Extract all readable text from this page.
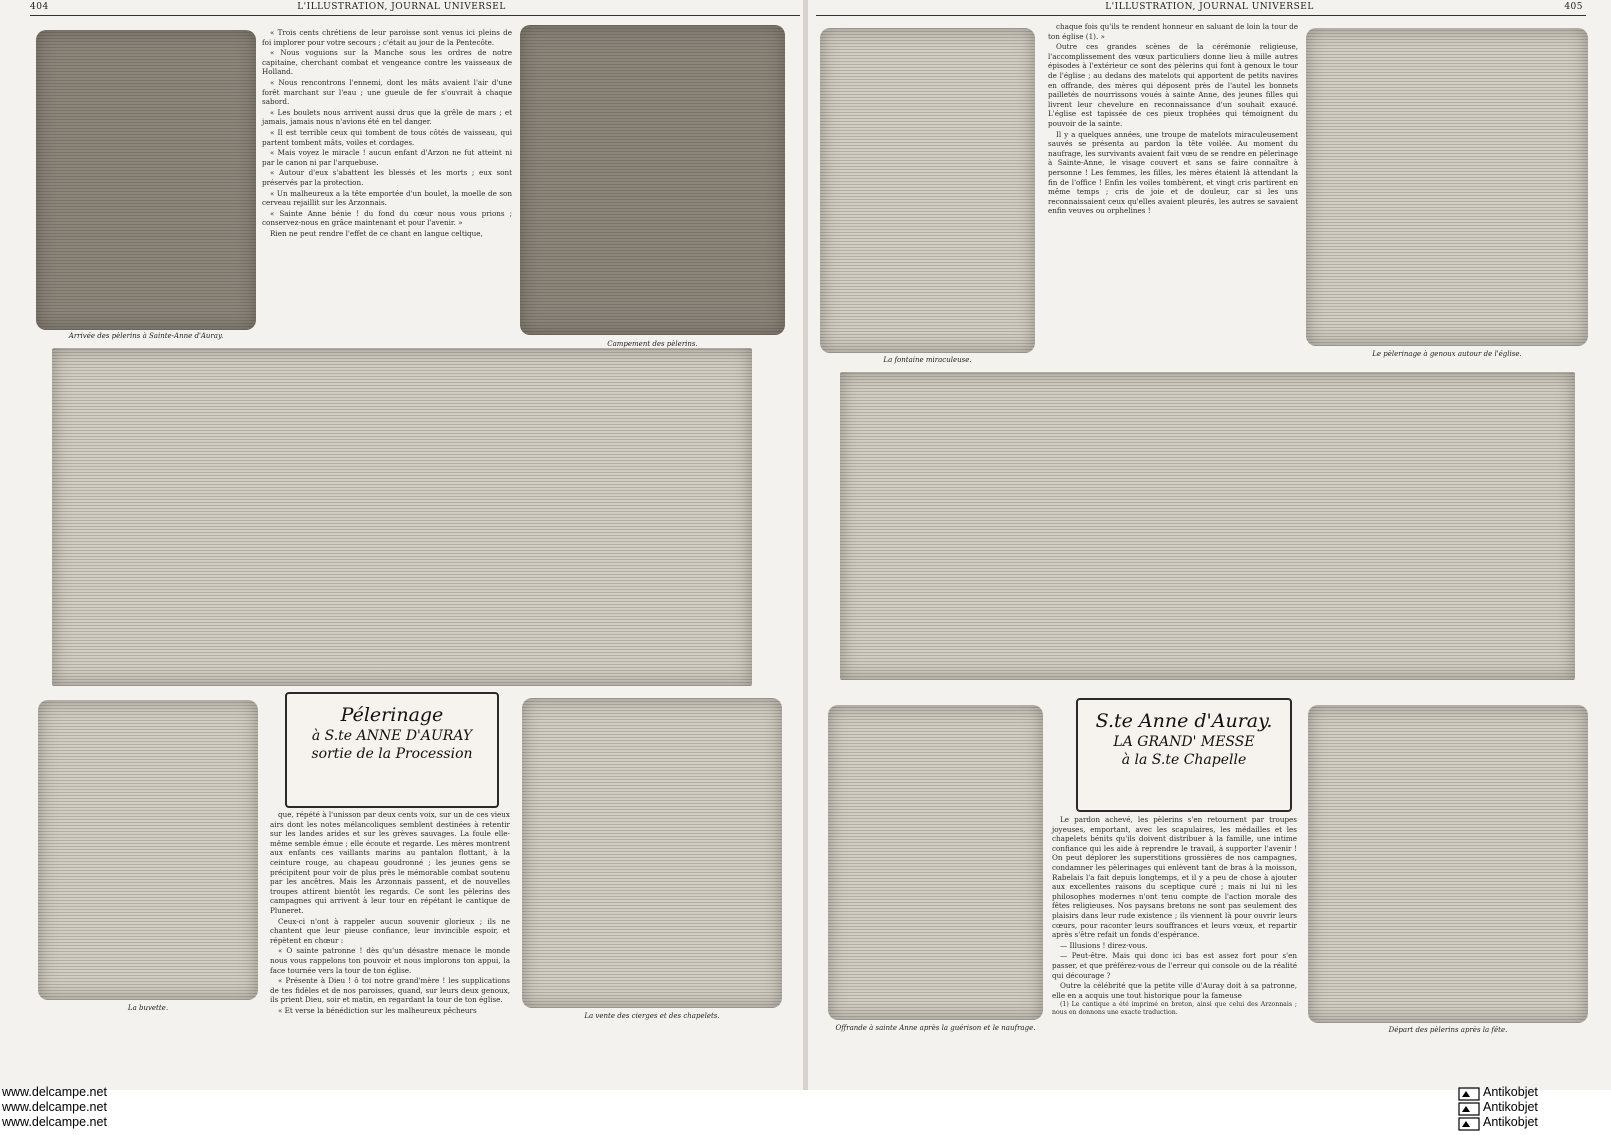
404	L'ILLUSTRATION, JOURNAL UNIVERSEL
Arrivée des pèlerins à Sainte-Anne d'Auray.

« Trois cents chrétiens de leur paroisse sont venus ici pleins de foi implorer pour votre secours ; c'était au jour de la Pentecôte.

« Nous voguions sur la Manche sous les ordres de notre capitaine, cherchant combat et vengeance contre les vaisseaux de Holland.

« Nous rencontrons l'ennemi, dont les mâts avaient l'air d'une forêt marchant sur l'eau ; une gueule de fer s'ouvrait à chaque sabord.

« Les boulets nous arrivent aussi drus que la grêle de mars ; et jamais, jamais nous n'avions été en tel danger.

« Il est terrible ceux qui tombent de tous côtés de vaisseau, qui partent tombent mâts, voiles et cordages.

« Mais voyez le miracle ! aucun enfant d'Arzon ne fut atteint ni par le canon ni par l'arquebuse.

« Autour d'eux s'abattent les blessés et les morts ; eux sont préservés par la protection.

« Un malheureux a la tête emportée d'un boulet, la moelle de son cerveau rejaillit sur les Arzonnais.

« Sainte Anne bénie ! du fond du cœur nous vous prions ; conservez-nous en grâce maintenant et pour l'avenir. »

Rien ne peut rendre l'effet de ce chant en langue celtique,

Campement des pèlerins.
La buvette.
Pélerinage
à S.te ANNE D'AURAY
sortie de la Procession

que, répété à l'unisson par deux cents voix, sur un de ces vieux airs dont les notes mélancoliques semblent destinées à retentir sur les landes arides et sur les grèves sauvages. La foule elle-même semble émue ; elle écoute et regarde. Les mères montrent aux enfants ces vaillants marins au pantalon flottant, à la ceinture rouge, au chapeau goudronné ; les jeunes gens se précipitent pour voir de plus près le mémorable combat soutenu par les ancêtres. Mais les Arzonnais passent, et de nouvelles troupes attirent bientôt les regards. Ce sont les pèlerins des campagnes qui arrivent à leur tour en répétant le cantique de Pluneret.

Ceux-ci n'ont à rappeler aucun souvenir glorieux ; ils ne chantent que leur pieuse confiance, leur invincible espoir, et répètent en chœur :

« O sainte patronne ! dès qu'un désastre menace le monde nous vous rappelons ton pouvoir et nous implorons ton appui, la face tournée vers la tour de ton église.

« Présente à Dieu ! ô toi notre grand'mère ! les supplications de tes fidèles et de nos paroisses, quand, sur leurs deux genoux, ils prient Dieu, soir et matin, en regardant la tour de ton église.

« Et verse la bénédiction sur les malheureux pêcheurs

La vente des cierges et des chapelets.
L'ILLUSTRATION, JOURNAL UNIVERSEL	405
La fontaine miraculeuse.

chaque fois qu'ils te rendent honneur en saluant de loin la tour de ton église (1). »

Outre ces grandes scènes de la cérémonie religieuse, l'accomplissement des vœux particuliers donne lieu à mille autres épisodes à l'extérieur ce sont des pèlerins qui font à genoux le tour de l'église ; au dedans des matelots qui apportent de petits navires en offrande, des mères qui déposent près de l'autel les bonnets pailletés de nourrissons voués à sainte Anne, des jeunes filles qui livrent leur chevelure en reconnaissance d'un souhait exaucé. L'église est tapissée de ces pieux trophées qui témoignent du pouvoir de la sainte.

Il y a quelques années, une troupe de matelots miraculeusement sauvés se présenta au pardon la tête voilée. Au moment du naufrage, les survivants avaient fait vœu de se rendre en pèlerinage à Sainte-Anne, le visage couvert et sans se faire connaître à personne ! Les femmes, les filles, les mères étaient là attendant la fin de l'office ! Enfin les voiles tombèrent, et vingt cris partirent en même temps ; cris de joie et de douleur, car si les uns reconnaissaient ceux qu'elles avaient pleurés, les autres se savaient enfin veuves ou orphelines !

Le pèlerinage à genoux autour de l'église.
Offrande à sainte Anne après la guérison et le naufrage.
S.te Anne d'Auray.
LA GRAND' MESSE
à la S.te Chapelle

Le pardon achevé, les pèlerins s'en retournent par troupes joyeuses, emportant, avec les scapulaires, les médailles et les chapelets bénits qu'ils doivent distribuer à la famille, une intime confiance qui les aide à reprendre le travail, à supporter l'avenir ! On peut déplorer les superstitions grossières de nos campagnes, condamner les pèlerinages qui enlèvent tant de bras à la moisson, Rabelais l'a fait depuis longtemps, et il y a peu de chose à ajouter aux excellentes raisons du sceptique curé ; mais ni lui ni les philosophes modernes n'ont tenu compte de l'action morale des fêtes religieuses. Nos paysans bretons ne sont pas seulement des plaisirs dans leur rude existence ; ils viennent là pour ouvrir leurs cœurs, pour raconter leurs souffrances et leurs vœux, et repartir après s'être refait un fonds d'espérance.

— Illusions ! direz-vous.

— Peut-être. Mais qui donc ici bas est assez fort pour s'en passer, et que préférez-vous de l'erreur qui console ou de la réalité qui décourage ?

Outre la célébrité que la petite ville d'Auray doit à sa patronne, elle en a acquis une tout historique pour la fameuse

(1) Le cantique a été imprimé en breton, ainsi que celui des Arzonnais ; nous en donnons une exacte traduction.

Départ des pèlerins après la fête.
www.delcampe.net
www.delcampe.net
www.delcampe.net
Antikobjet
Antikobjet
Antikobjet
